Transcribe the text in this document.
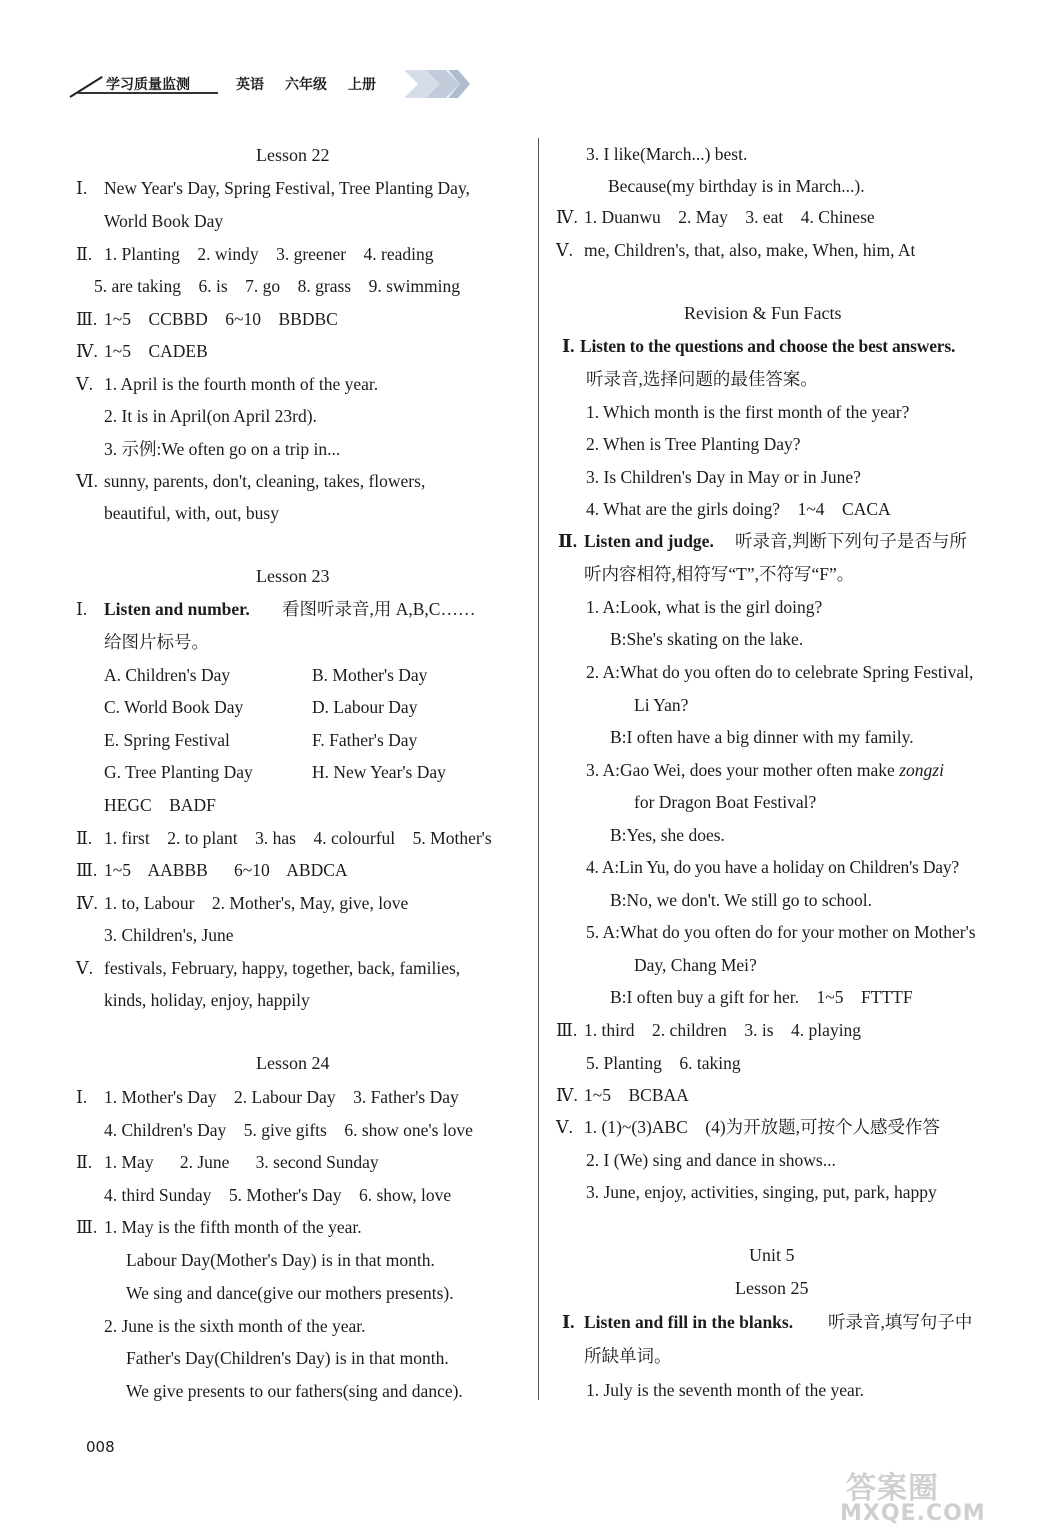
学习质量监测	英语 六年级 上册
Lesson 22
Ⅰ. New Year's Day, Spring Festival, Tree Planting Day,
World Book Day
Ⅱ. 1. Planting    2. windy    3. greener    4. reading
5. are taking    6. is    7. go    8. grass    9. swimming
Ⅲ. 1~5    CCBBD    6~10    BBDBC
Ⅳ. 1~5    CADEB
Ⅴ. 1. April is the fourth month of the year.
2. It is in April(on April 23rd).
3. 示例:We often go on a trip in...
Ⅵ. sunny, parents, don't, cleaning, takes, flowers,
beautiful, with, out, busy
Lesson 23
Ⅰ. Listen and number. 看图听录音,用 A,B,C……
给图片标号。
A. Children's Day	B. Mother's Day
C. World Book Day	D. Labour Day
E. Spring Festival	F. Father's Day
G. Tree Planting Day	H. New Year's Day
HEGC    BADF
Ⅱ. 1. first    2. to plant    3. has    4. colourful    5. Mother's
Ⅲ. 1~5    AABBB      6~10    ABDCA
Ⅳ. 1. to, Labour    2. Mother's, May, give, love
3. Children's, June
Ⅴ. festivals, February, happy, together, back, families,
kinds, holiday, enjoy, happily
Lesson 24
Ⅰ. 1. Mother's Day    2. Labour Day    3. Father's Day
4. Children's Day    5. give gifts    6. show one's love
Ⅱ. 1. May      2. June      3. second Sunday
4. third Sunday    5. Mother's Day    6. show, love
Ⅲ. 1. May is the fifth month of the year.
Labour Day(Mother's Day) is in that month.
We sing and dance(give our mothers presents).
2. June is the sixth month of the year.
Father's Day(Children's Day) is in that month.
We give presents to our fathers(sing and dance).
3. I like(March...) best.
Because(my birthday is in March...).
Ⅳ. 1. Duanwu    2. May    3. eat    4. Chinese
Ⅴ. me, Children's, that, also, make, When, him, At
Revision & Fun Facts
Ⅰ. Listen to the questions and choose the best answers.
听录音,选择问题的最佳答案。
1. Which month is the first month of the year?
2. When is Tree Planting Day?
3. Is Children's Day in May or in June?
4. What are the girls doing?    1~4    CACA
Ⅱ. Listen and judge. 听录音,判断下列句子是否与所
听内容相符,相符写“T”,不符写“F”。
1. A:Look, what is the girl doing?
B:She's skating on the lake.
2. A:What do you often do to celebrate Spring Festival,
Li Yan?
B:I often have a big dinner with my family.
3. A:Gao Wei, does your mother often make zongzi
for Dragon Boat Festival?
B:Yes, she does.
4. A:Lin Yu, do you have a holiday on Children's Day?
B:No, we don't. We still go to school.
5. A:What do you often do for your mother on Mother's
Day, Chang Mei?
B:I often buy a gift for her.    1~5    FTTTF
Ⅲ. 1. third    2. children    3. is    4. playing
5. Planting    6. taking
Ⅳ. 1~5    BCBAA
Ⅴ. 1. (1)~(3)ABC    (4)为开放题,可按个人感受作答
2. I (We) sing and dance in shows...
3. June, enjoy, activities, singing, put, park, happy
Unit 5
Lesson 25
Ⅰ. Listen and fill in the blanks. 听录音,填写句子中
所缺单词。
1. July is the seventh month of the year.
008
答案圈
MXQE.COM
